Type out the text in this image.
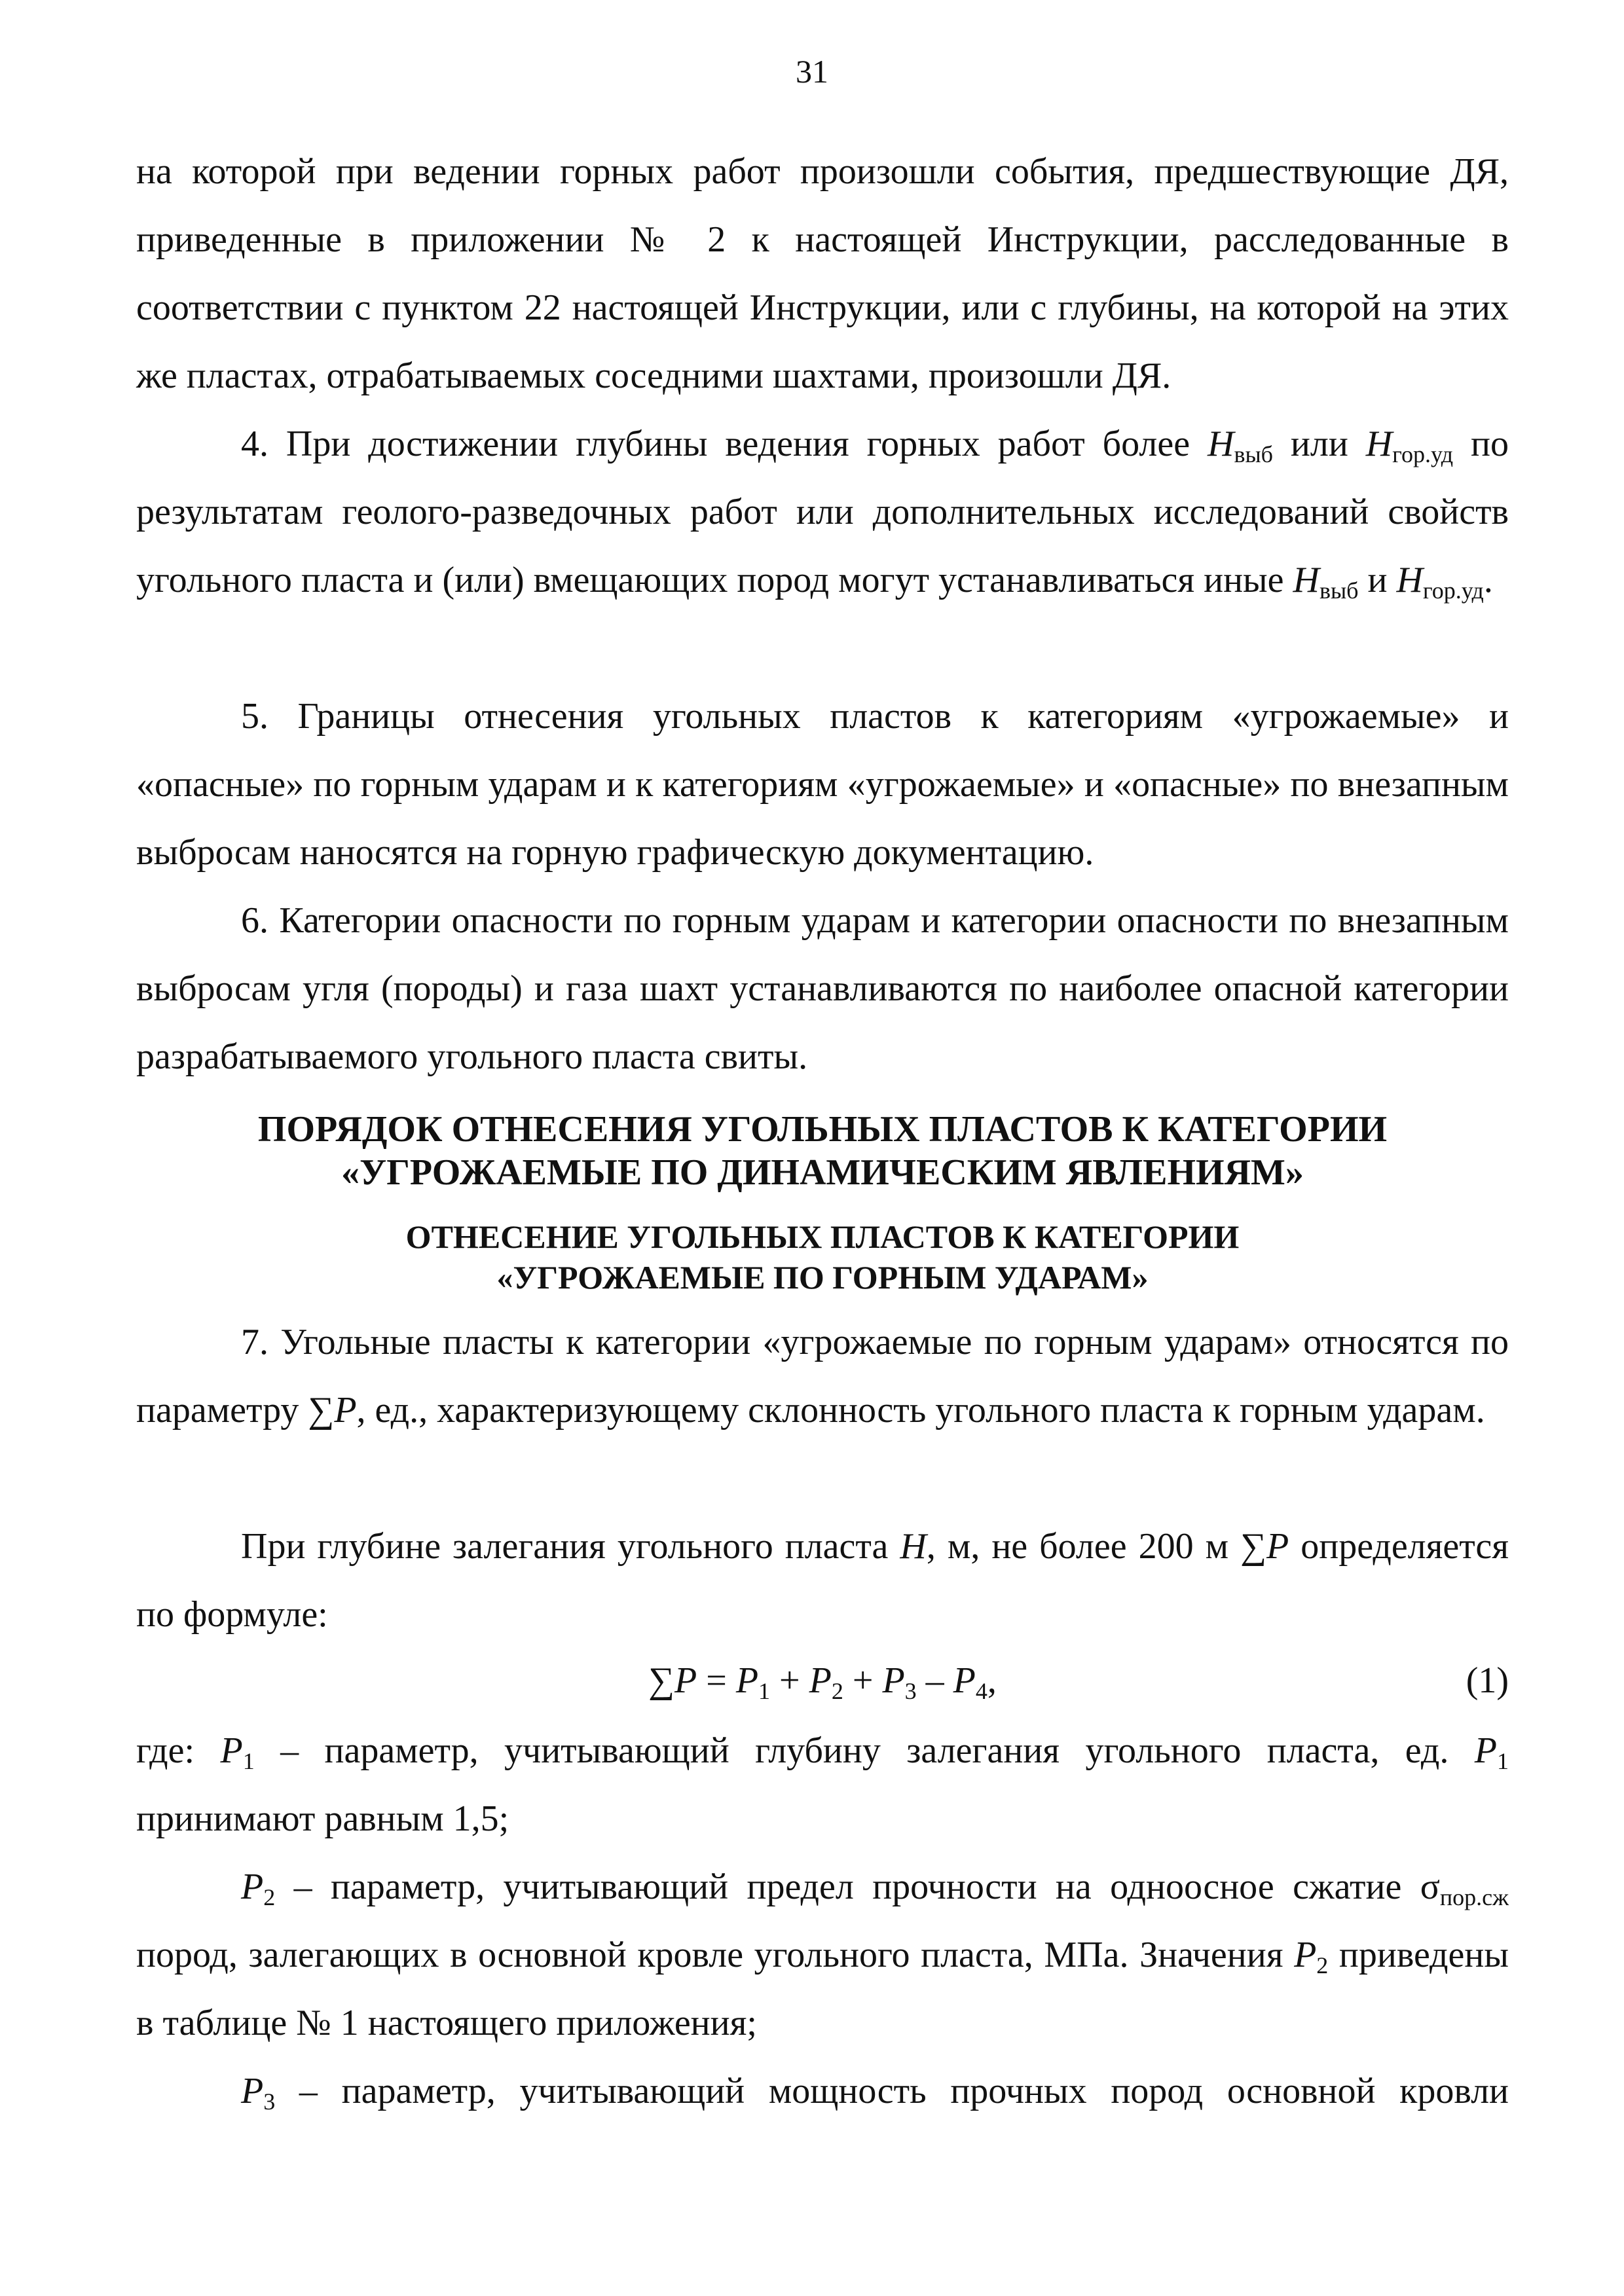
31
на которой при ведении горных работ произошли события, предшествующие ДЯ, приведенные в приложении № 2 к настоящей Инструкции, расследованные в соответствии с пунктом 22 настоящей Инструкции, или с глубины, на которой на этих же пластах, отрабатываемых соседними шахтами, произошли ДЯ.
4. При достижении глубины ведения горных работ более $H_{выб}$ или $H_{гор.уд}$ по результатам геолого-разведочных работ или дополнительных исследований свойств угольного пласта и (или) вмещающих пород могут устанавливаться иные $H_{выб}$ и $H_{гор.уд}$.
5. Границы отнесения угольных пластов к категориям «угрожаемые» и «опасные» по горным ударам и к категориям «угрожаемые» и «опасные» по внезапным выбросам наносятся на горную графическую документацию.
6. Категории опасности по горным ударам и категории опасности по внезапным выбросам угля (породы) и газа шахт устанавливаются по наиболее опасной категории разрабатываемого угольного пласта свиты.
ПОРЯДОК ОТНЕСЕНИЯ УГОЛЬНЫХ ПЛАСТОВ К КАТЕГОРИИ
«УГРОЖАЕМЫЕ ПО ДИНАМИЧЕСКИМ ЯВЛЕНИЯМ»
ОТНЕСЕНИЕ УГОЛЬНЫХ ПЛАСТОВ К КАТЕГОРИИ
«УГРОЖАЕМЫЕ ПО ГОРНЫМ УДАРАМ»
7. Угольные пласты к категории «угрожаемые по горным ударам» относятся по параметру ∑P, ед., характеризующему склонность угольного пласта к горным ударам.
При глубине залегания угольного пласта H, м, не более 200 м ∑P определяется по формуле:
$\sum P = P_1 + P_2 + P_3 - P_4$,	(1)
где: $P_1$ – параметр, учитывающий глубину залегания угольного пласта, ед. $P_1$ принимают равным 1,5;
$P_2$ – параметр, учитывающий предел прочности на одноосное сжатие $\sigma_{пор.сж}$ пород, залегающих в основной кровле угольного пласта, МПа. Значения $P_2$ приведены в таблице № 1 настоящего приложения;
$P_3$ – параметр, учитывающий мощность прочных пород основной кровли
